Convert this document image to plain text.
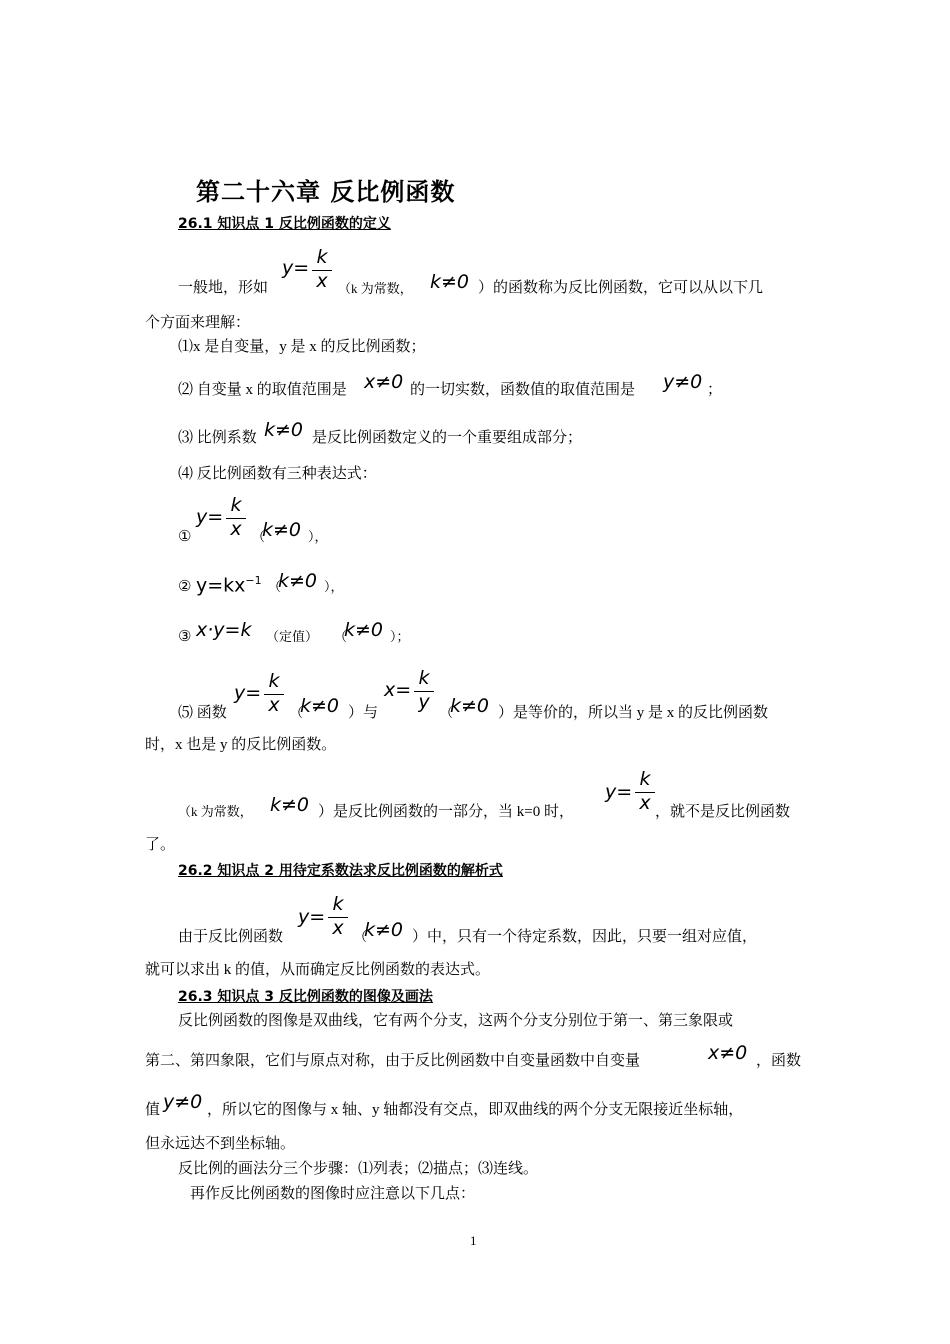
第二十六章 反比例函数
26.1 知识点 1 反比例函数的定义
一般地，形如
y= k
x （k 为常数， k≠0 ）的函数称为反比例函数，它可以从以下几
个方面来理解：
⑴x 是自变量，y 是 x 的反比例函数；
⑵ 自变量 x 的取值范围是 x≠0 的一切实数，函数值的取值范围是 y≠0 ；
⑶ 比例系数 k≠0 是反比例函数定义的一个重要组成部分；
⑷ 反比例函数有三种表达式：
①
y=
k
x （
k≠0 ），
② $y=kx^{-1}$ （
k≠0 ），
③ x·y=k （定值） （
k≠0 ）；
⑸ 函数
y=
k
x （
k≠0 ）与
x=
k
y （
k≠0 ）是等价的，所以当 y 是 x 的反比例函数
时，x 也是 y 的反比例函数。
（k 为常数， k≠0 ）是反比例函数的一部分，当 k=0 时，
y=
k
x ，就不是反比例函数
了。
26.2 知识点 2 用待定系数法求反比例函数的解析式
由于反比例函数
y=
k
x （
k≠0 ）中，只有一个待定系数，因此，只要一组对应值，
就可以求出 k 的值，从而确定反比例函数的表达式。
26.3 知识点 3 反比例函数的图像及画法
反比例函数的图像是双曲线，它有两个分支，这两个分支分别位于第一、第三象限或
第二、第四象限，它们与原点对称，由于反比例函数中自变量函数中自变量	x≠0 ，函数
值 y≠0 ，所以它的图像与 x 轴、y 轴都没有交点，即双曲线的两个分支无限接近坐标轴，
但永远达不到坐标轴。
反比例的画法分三个步骤：⑴列表；⑵描点；⑶连线。
再作反比例函数的图像时应注意以下几点：
1
